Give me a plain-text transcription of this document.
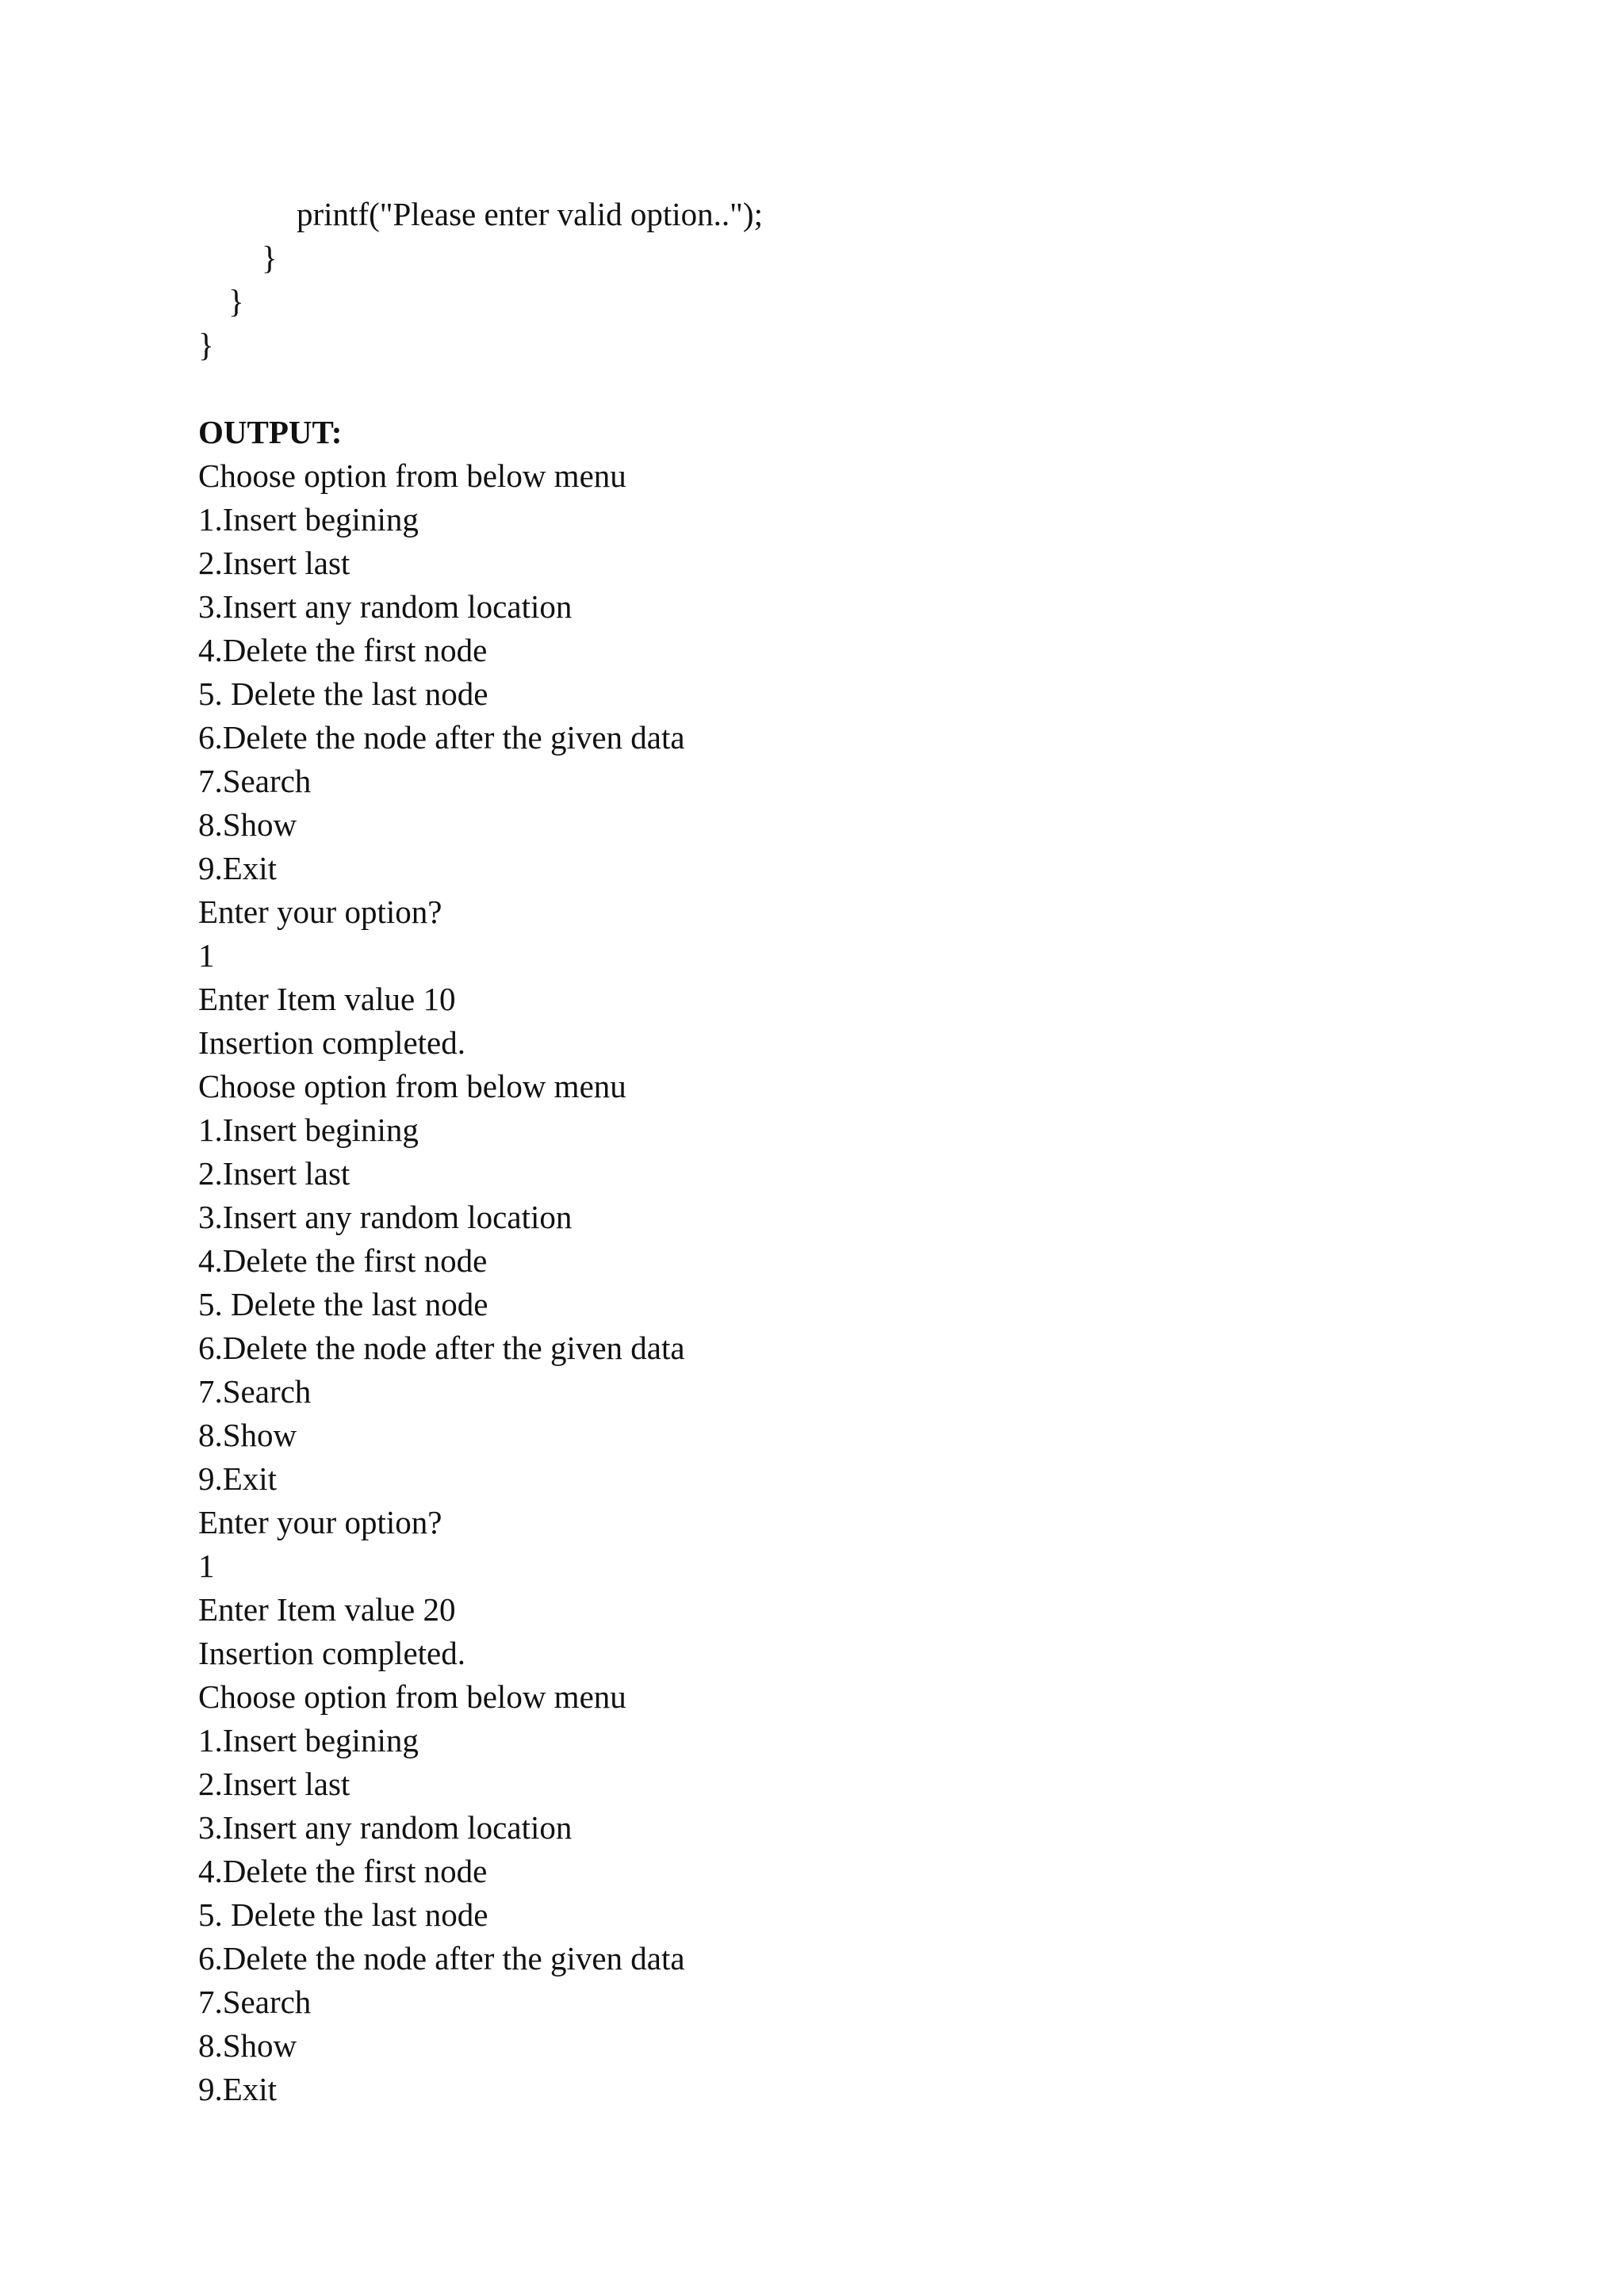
printf("Please enter valid option..");
}
}
}
OUTPUT:
Choose option from below menu
1.Insert begining
2.Insert last
3.Insert any random location
4.Delete the first node
5. Delete the last node
6.Delete the node after the given data
7.Search
8.Show
9.Exit
Enter your option?
1
Enter Item value 10
Insertion completed.
Choose option from below menu
1.Insert begining
2.Insert last
3.Insert any random location
4.Delete the first node
5. Delete the last node
6.Delete the node after the given data
7.Search
8.Show
9.Exit
Enter your option?
1
Enter Item value 20
Insertion completed.
Choose option from below menu
1.Insert begining
2.Insert last
3.Insert any random location
4.Delete the first node
5. Delete the last node
6.Delete the node after the given data
7.Search
8.Show
9.Exit
